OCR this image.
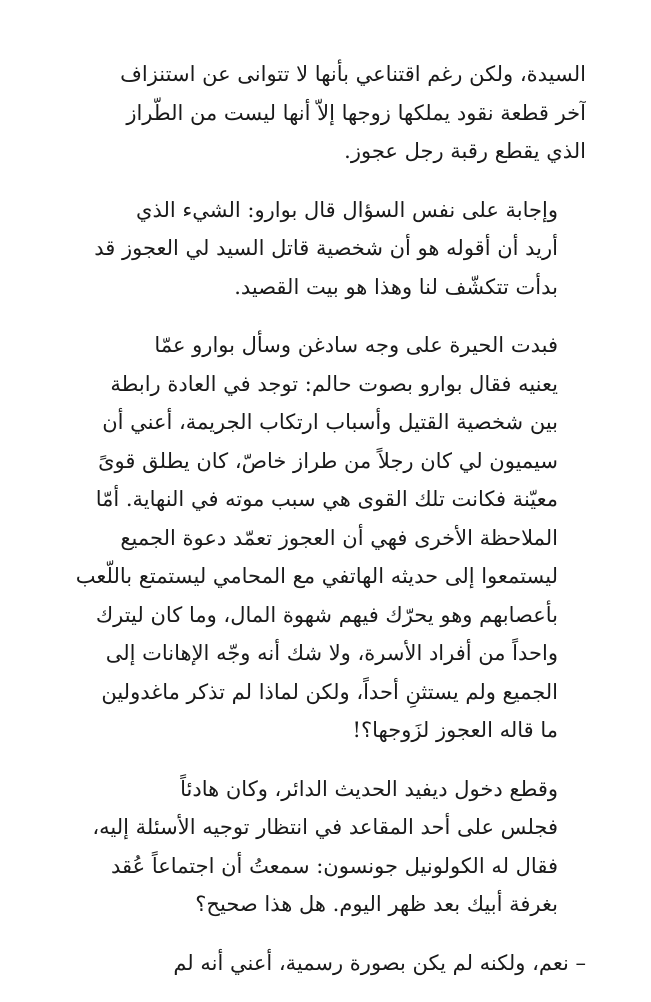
السيدة، ولكن رغم اقتناعي بأنها لا تتوانى عن استنزاف
آخر قطعة نقود يملكها زوجها إلاّ أنها ليست من الطّراز
الذي يقطع رقبة رجل عجوز.
وإجابة على نفس السؤال قال بوارو: الشيء الذي
أريد أن أقوله هو أن شخصية قاتل السيد لي العجوز قد
بدأت تتكشّف لنا وهذا هو بيت القصيد.
فبدت الحيرة على وجه سادغن وسأل بوارو عمّا
يعنيه فقال بوارو بصوت حالم: توجد في العادة رابطة
بين شخصية القتيل وأسباب ارتكاب الجريمة، أعني أن
سيميون لي كان رجلاً من طراز خاصّ، كان يطلق قوىً
معيّنة فكانت تلك القوى هي سبب موته في النهاية. أمّا
الملاحظة الأخرى فهي أن العجوز تعمّد دعوة الجميع
ليستمعوا إلى حديثه الهاتفي مع المحامي ليستمتع باللّعب
بأعصابهم وهو يحرّك فيهم شهوة المال، وما كان ليترك
واحداً من أفراد الأسرة، ولا شك أنه وجّه الإهانات إلى
الجميع ولم يستثنِ أحداً، ولكن لماذا لم تذكر ماغدولين
ما قاله العجوز لزَوجها؟!
وقطع دخول ديفيد الحديث الدائر، وكان هادئاً
فجلس على أحد المقاعد في انتظار توجيه الأسئلة إليه،
فقال له الكولونيل جونسون: سمعتُ أن اجتماعاً عُقد
بغرفة أبيك بعد ظهر اليوم. هل هذا صحيح؟
– نعم، ولكنه لم يكن بصورة رسمية، أعني أنه لم
